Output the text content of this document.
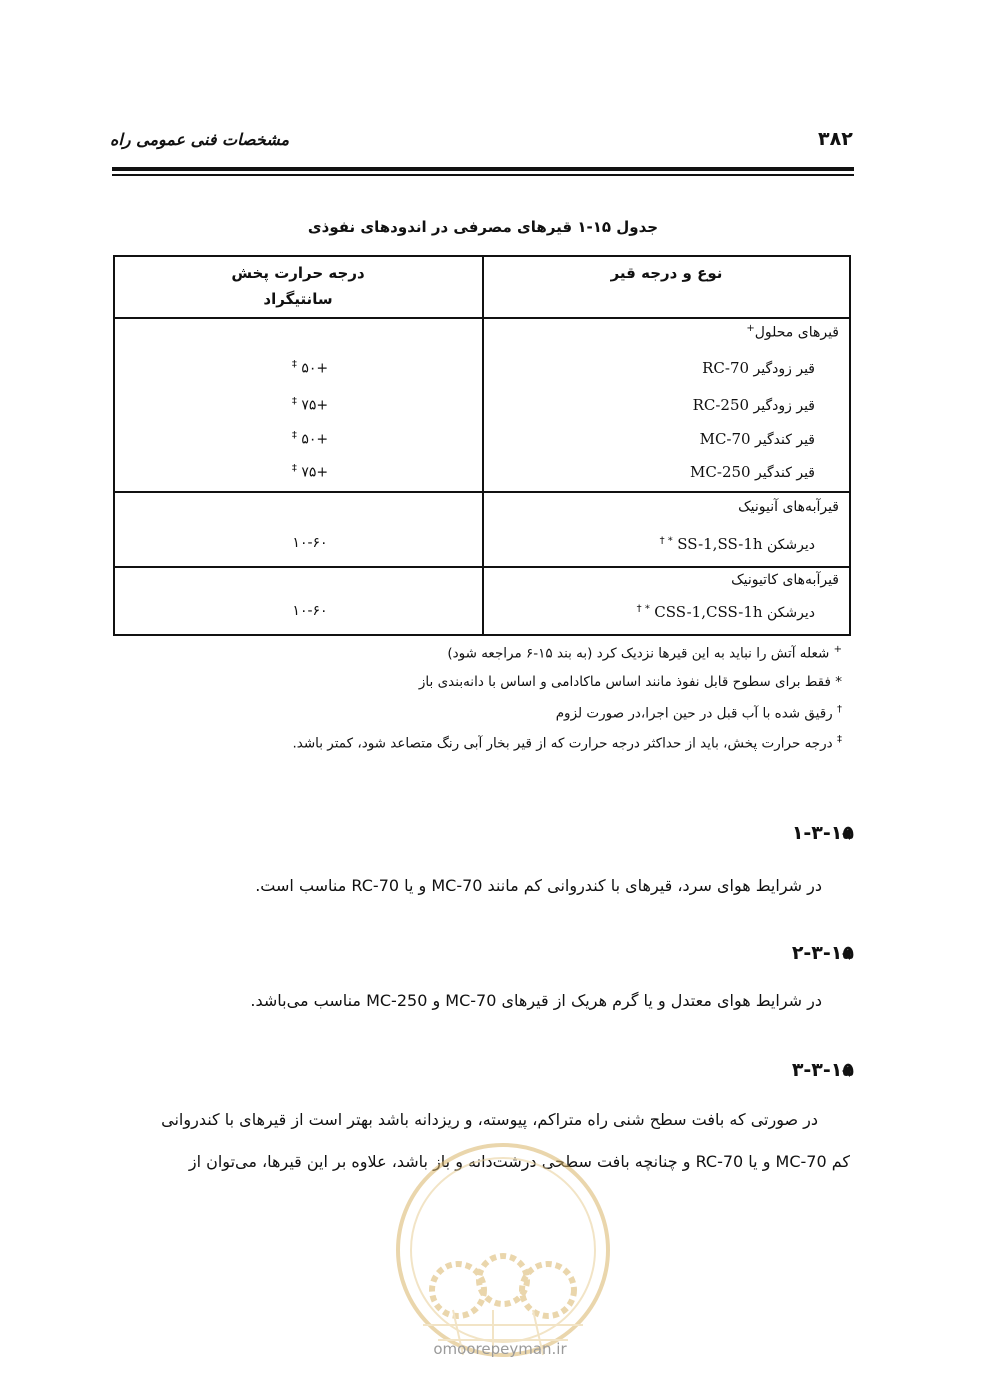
۳۸۲
مشخصات فنی عمومی راه
جدول ۱۵-۱ قیرهای مصرفی در اندودهای نفوذی
نوع و درجه قیر
درجه حرارت پخش
سانتیگراد
قیرهای محلول+
قیر زودگیر RC-70
+۵۰ ‡
قیر زودگیر RC-250
+۷۵ ‡
قیر کندگیر MC-70
+۵۰ ‡
قیر کندگیر MC-250
+۷۵ ‡
قیرآبه‌های آنیونیک
دیرشکن SS-1,SS-1h * †
۱۰-۶۰
قیرآبه‌های کاتیونیک
دیرشکن CSS-1,CSS-1h * †
۱۰-۶۰
+ شعله آتش را نباید به این قیرها نزدیک کرد (به بند ۱۵-۶ مراجعه شود)
* فقط برای سطوح قابل نفوذ مانند اساس ماکادامی و اساس با دانه‌بندی باز
† رقیق شده با آب قبل در حین اجرا،در صورت لزوم
‡ درجه حرارت پخش، باید از حداکثر درجه حرارت که از قیر بخار آبی رنگ متصاعد شود، کمتر باشد.
۱-۳-۱۵
در شرایط هوای سرد، قیرهای با کندروانی کم مانند MC-70 و یا RC-70 مناسب است.
۲-۳-۱۵
در شرایط هوای معتدل و یا گرم هریک از قیرهای MC-70 و MC-250 مناسب می‌باشد.
۳-۳-۱۵
در صورتی که بافت سطح شنی راه متراکم، پیوسته، و ریزدانه باشد بهتر است از قیرهای با کندروانی
کم MC-70 و یا RC-70 و چنانچه بافت سطحی درشت‌دانه و باز باشد، علاوه بر این قیرها، می‌توان از
omoorepeyman.ir
